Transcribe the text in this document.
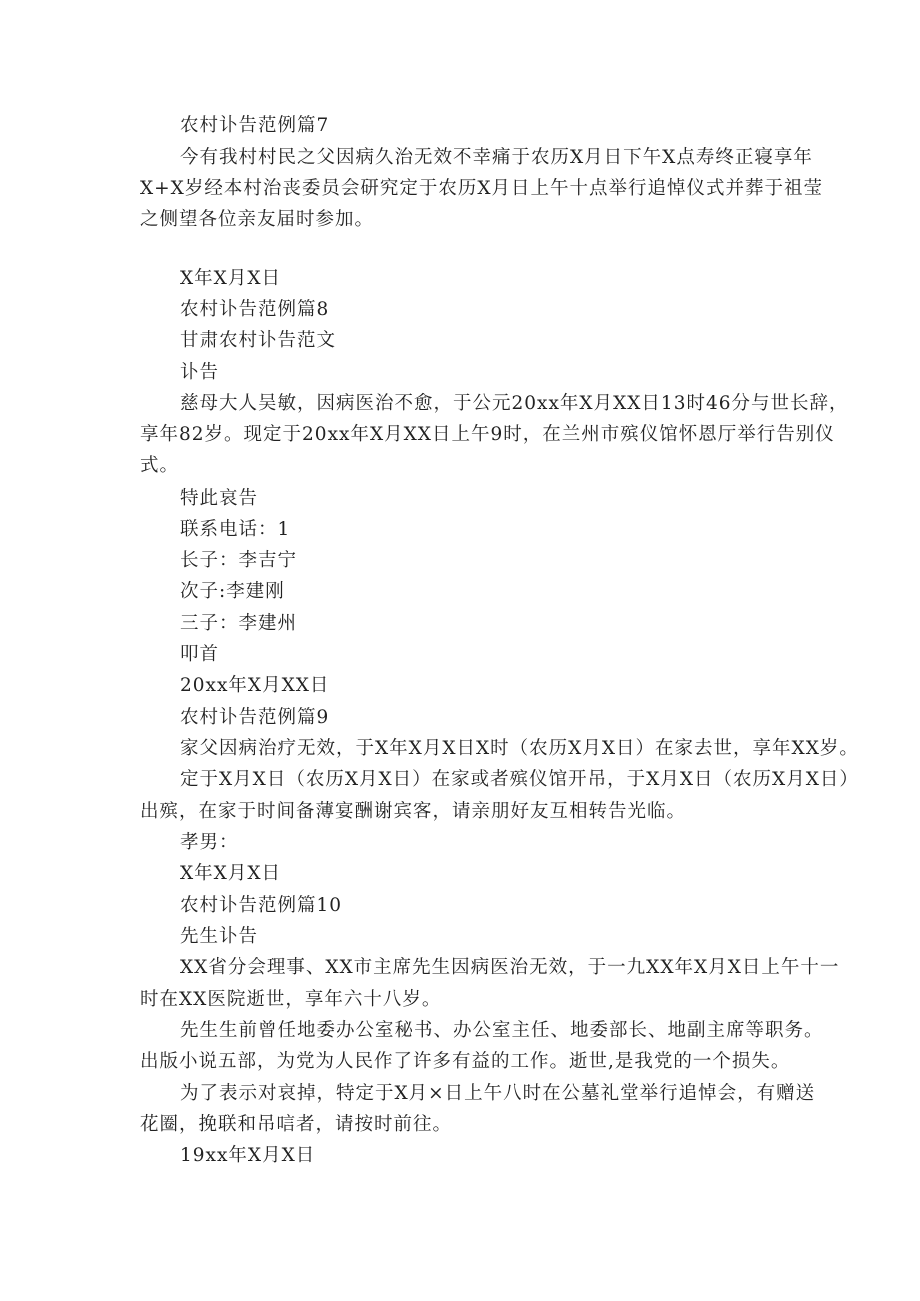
农村讣告范例篇7
今有我村村民之父因病久治无效不幸痛于农历X月日下午X点寿终正寝享年
X+X岁经本村治丧委员会研究定于农历X月日上午十点举行追悼仪式并葬于祖莹
之侧望各位亲友届时参加。
X年X月X日
农村讣告范例篇8
甘肃农村讣告范文
讣告
慈母大人吴敏，因病医治不愈，于公元20xx年X月XX日13时46分与世长辞，
享年82岁。现定于20xx年X月XX日上午9时，在兰州市殡仪馆怀恩厅举行告别仪
式。
特此哀告
联系电话：1
长子：李吉宁
次子:李建刚
三子：李建州
叩首
20xx年X月XX日
农村讣告范例篇9
家父因病治疗无效，于X年X月X日X时（农历X月X日）在家去世，享年XX岁。
定于X月X日（农历X月X日）在家或者殡仪馆开吊，于X月X日（农历X月X日）
出殡，在家于时间备薄宴酬谢宾客，请亲朋好友互相转告光临。
孝男：
X年X月X日
农村讣告范例篇10
先生讣告
XX省分会理事、XX市主席先生因病医治无效，于一九XX年X月X日上午十一
时在XX医院逝世，享年六十八岁。
先生生前曾任地委办公室秘书、办公室主任、地委部长、地副主席等职务。
出版小说五部，为党为人民作了许多有益的工作。逝世,是我党的一个损失。
为了表示对哀掉，特定于X月×日上午八时在公墓礼堂举行追悼会，有赠送
花圈，挽联和吊唁者，请按时前往。
19xx年X月X日
